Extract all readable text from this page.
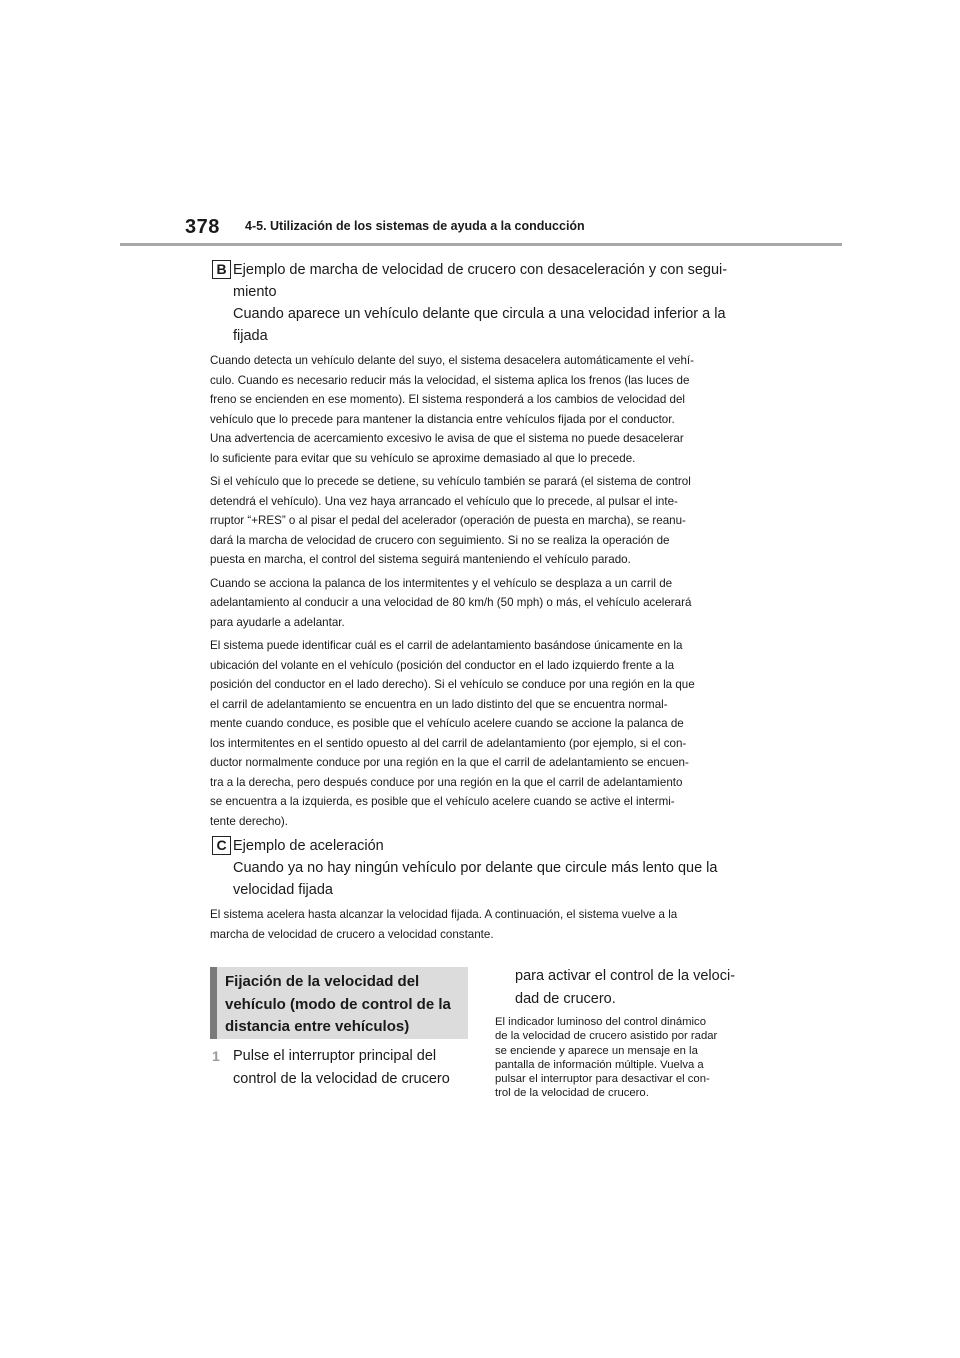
378 4-5. Utilización de los sistemas de ayuda a la conducción
B Ejemplo de marcha de velocidad de crucero con desaceleración y con segui-
miento
Cuando aparece un vehículo delante que circula a una velocidad inferior a la
fijada

Cuando detecta un vehículo delante del suyo, el sistema desacelera automáticamente el vehí-
culo. Cuando es necesario reducir más la velocidad, el sistema aplica los frenos (las luces de
freno se encienden en ese momento). El sistema responderá a los cambios de velocidad del
vehículo que lo precede para mantener la distancia entre vehículos fijada por el conductor.
Una advertencia de acercamiento excesivo le avisa de que el sistema no puede desacelerar
lo suficiente para evitar que su vehículo se aproxime demasiado al que lo precede.

Si el vehículo que lo precede se detiene, su vehículo también se parará (el sistema de control
detendrá el vehículo). Una vez haya arrancado el vehículo que lo precede, al pulsar el inte-
rruptor “+RES” o al pisar el pedal del acelerador (operación de puesta en marcha), se reanu-
dará la marcha de velocidad de crucero con seguimiento. Si no se realiza la operación de
puesta en marcha, el control del sistema seguirá manteniendo el vehículo parado.

Cuando se acciona la palanca de los intermitentes y el vehículo se desplaza a un carril de
adelantamiento al conducir a una velocidad de 80 km/h (50 mph) o más, el vehículo acelerará
para ayudarle a adelantar.

El sistema puede identificar cuál es el carril de adelantamiento basándose únicamente en la
ubicación del volante en el vehículo (posición del conductor en el lado izquierdo frente a la
posición del conductor en el lado derecho). Si el vehículo se conduce por una región en la que
el carril de adelantamiento se encuentra en un lado distinto del que se encuentra normal-
mente cuando conduce, es posible que el vehículo acelere cuando se accione la palanca de
los intermitentes en el sentido opuesto al del carril de adelantamiento (por ejemplo, si el con-
ductor normalmente conduce por una región en la que el carril de adelantamiento se encuen-
tra a la derecha, pero después conduce por una región en la que el carril de adelantamiento
se encuentra a la izquierda, es posible que el vehículo acelere cuando se active el intermi-
tente derecho).

C Ejemplo de aceleración
Cuando ya no hay ningún vehículo por delante que circule más lento que la
velocidad fijada

El sistema acelera hasta alcanzar la velocidad fijada. A continuación, el sistema vuelve a la
marcha de velocidad de crucero a velocidad constante.

Fijación de la velocidad del
vehículo (modo de control de la
distancia entre vehículos)
1 Pulse el interruptor principal del
control de la velocidad de crucero
para activar el control de la veloci-
dad de crucero.
El indicador luminoso del control dinámico
de la velocidad de crucero asistido por radar
se enciende y aparece un mensaje en la
pantalla de información múltiple. Vuelva a
pulsar el interruptor para desactivar el con-
trol de la velocidad de crucero.
